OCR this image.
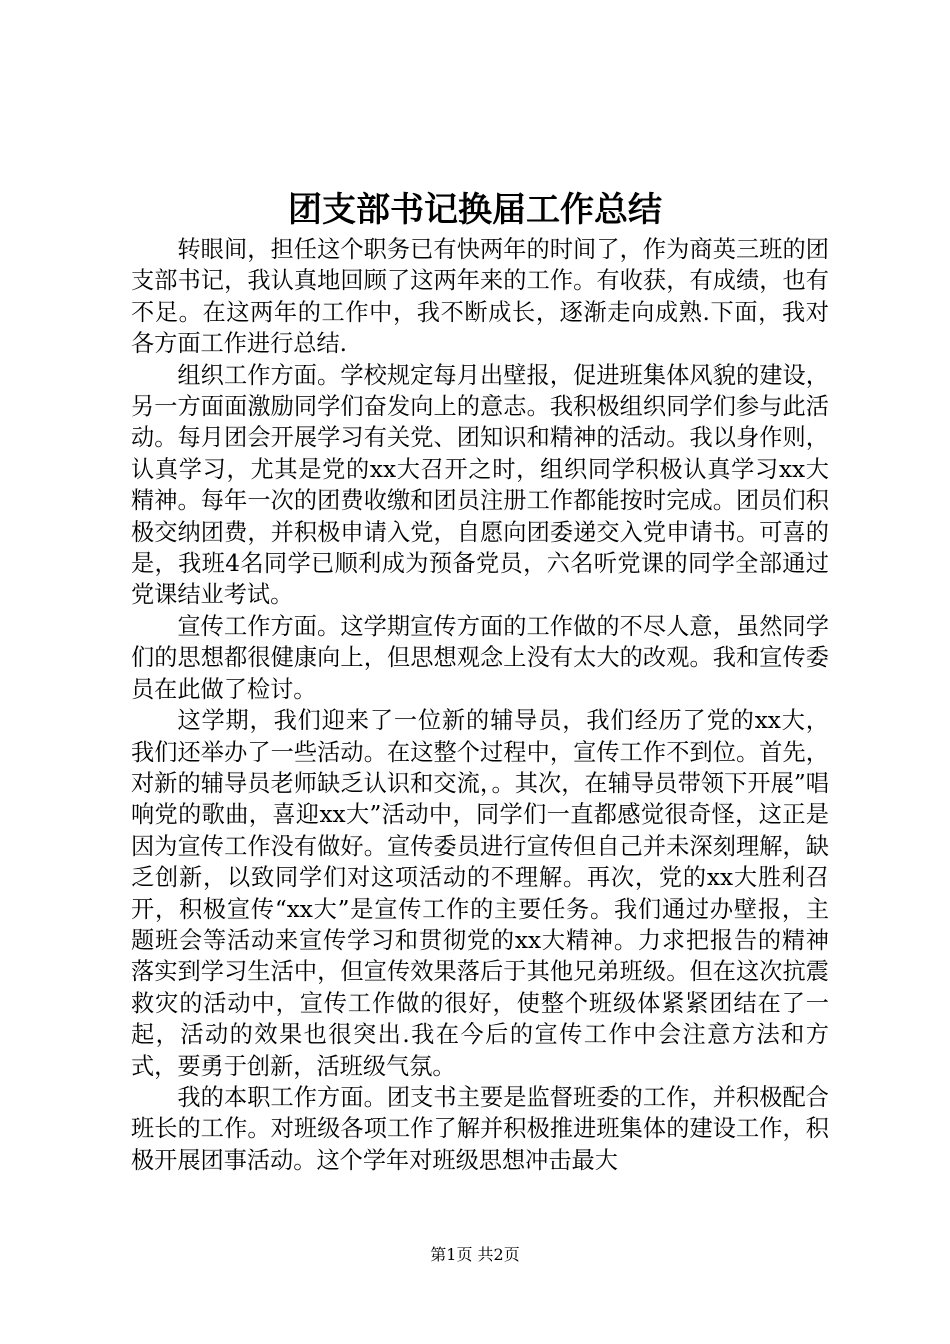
团支部书记换届工作总结

转眼间，担任这个职务已有快两年的时间了，作为商英三班的团支部书记，我认真地回顾了这两年来的工作。有收获，有成绩，也有不足。在这两年的工作中，我不断成长，逐渐走向成熟.下面，我对各方面工作进行总结.

组织工作方面。学校规定每月出壁报，促进班集体风貌的建设，另一方面面激励同学们奋发向上的意志。我积极组织同学们参与此活动。每月团会开展学习有关党、团知识和精神的活动。我以身作则，认真学习，尤其是党的xx大召开之时，组织同学积极认真学习xx大精神。每年一次的团费收缴和团员注册工作都能按时完成。团员们积极交纳团费，并积极申请入党，自愿向团委递交入党申请书。可喜的是，我班4名同学已顺利成为预备党员，六名听党课的同学全部通过党课结业考试。

宣传工作方面。这学期宣传方面的工作做的不尽人意，虽然同学们的思想都很健康向上，但思想观念上没有太大的改观。我和宣传委员在此做了检讨。

这学期，我们迎来了一位新的辅导员，我们经历了党的xx大，我们还举办了一些活动。在这整个过程中，宣传工作不到位。首先，对新的辅导员老师缺乏认识和交流，。其次，在辅导员带领下开展”唱响党的歌曲，喜迎xx大”活动中，同学们一直都感觉很奇怪，这正是因为宣传工作没有做好。宣传委员进行宣传但自己并未深刻理解，缺乏创新，以致同学们对这项活动的不理解。再次，党的xx大胜利召开，积极宣传“xx大”是宣传工作的主要任务。我们通过办壁报，主题班会等活动来宣传学习和贯彻党的xx大精神。力求把报告的精神落实到学习生活中，但宣传效果落后于其他兄弟班级。但在这次抗震救灾的活动中，宣传工作做的很好，使整个班级体紧紧团结在了一起，活动的效果也很突出.我在今后的宣传工作中会注意方法和方式，要勇于创新，活班级气氛。

我的本职工作方面。团支书主要是监督班委的工作，并积极配合班长的工作。对班级各项工作了解并积极推进班集体的建设工作，积极开展团事活动。这个学年对班级思想冲击最大

第1页 共2页
